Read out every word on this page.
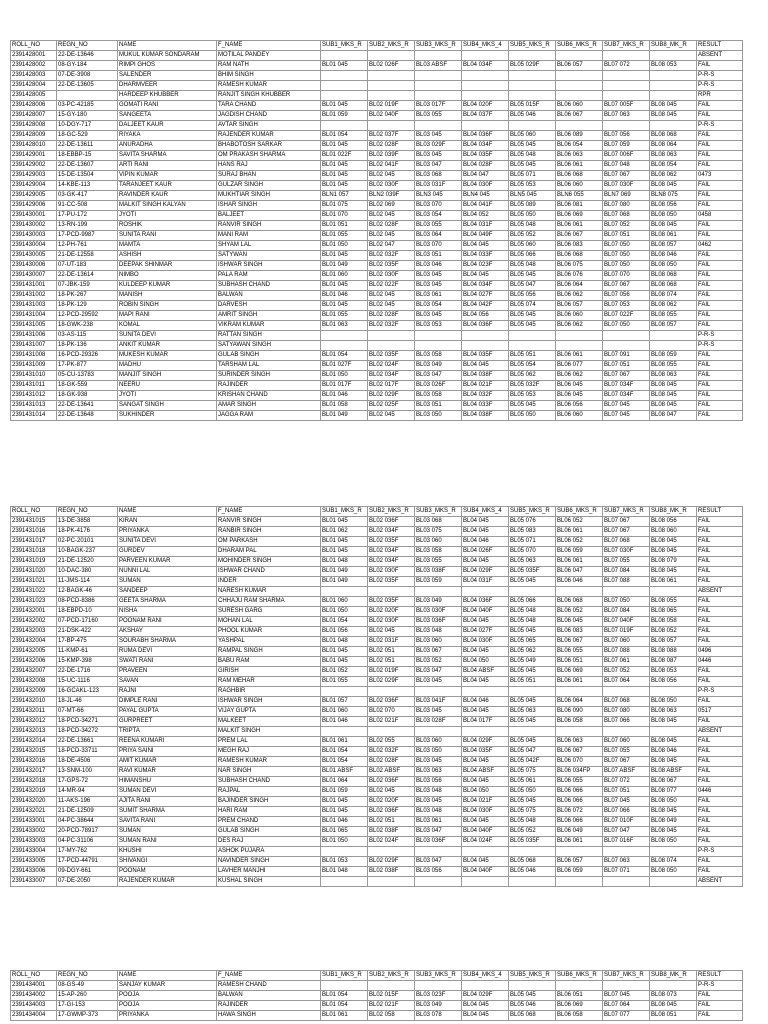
ROLL_NO	REGN_NO	NAME	F_NAME	SUB1_MKS_R	SUB2_MKS_R	SUB3_MKS_R	SUB4_MKS_4	SUB5_MKS_R	SUB6_MKS_R	SUB7_MKS_R	SUB8_MK_R	RESULT
2391428001	22-DE-13646	MUKUL KUMAR SONDARAM	MOTILAL PANDEY									ABSENT
2391428002	08-GY-184	RIMPI GHOS	RAM NATH	BL01 045	BL02 026F	BL03 ABSF	BL04 034F	BL05 029F	BL06 057	BL07 072	BL08 053	FAIL
2391428003	07-DE-3908	SALENDER	BHIM SINGH									P-R-S
2391428004	22-DE-13605	DHARMVEER	RAMESH KUMAR									P-R-S
2391428005		HARDEEP KHUBBER	RANJIT SINGH KHUBBER									RPR
2391428006	03-PC-42185	GOMATI RANI	TARA CHAND	BL01 045	BL02 019F	BL03 017F	BL04 020F	BL05 015F	BL06 060	BL07 005F	BL08 045	FAIL
2391428007	15-GY-180	SANGEETA	JAGDISH CHAND	BL01 059	BL02 040F	BL03 055	BL04 037F	BL05 046	BL06 067	BL07 063	BL08 045	FAIL
2391428008	10-DGY-717	DALJEET KAUR	AVTAR SINGH									P-R-S
2391428009	18-GC-529	RIYAKA	RAJENDER KUMAR	BL01 054	BL02 037F	BL03 045	BL04 036F	BL05 060	BL06 089	BL07 056	BL08 068	FAIL
2391428010	22-DE-13611	ANURADHA	BHABOTOSH SARKAR	BL01 045	BL02 028F	BL03 029F	BL04 034F	BL05 045	BL06 054	BL07 059	BL08 064	FAIL
2391429001	18-EBBP-15	SAVITA SHARMA	OM PRAKASH SHARMA	BL01 022F	BL02 039F	BL03 045	BL04 035F	BL05 048	BL06 063	BL07 006F	BL08 063	FAIL
2391429002	22-DE-13607	ARTI RANI	HANS RAJ	BL01 045	BL02 041F	BL03 047	BL04 028F	BL05 045	BL06 061	BL07 048	BL08 054	FAIL
2391429003	15-DE-13504	VIPIN KUMAR	SURAJ BHAN	BL01 045	BL02 045	BL03 068	BL04 047	BL05 071	BL06 068	BL07 067	BL08 062	0473
2391429004	14-KBE-113	TARANJEET KAUR	GULZAR SINGH	BL01 045	BL02 030F	BL03 031F	BL04 030F	BL05 053	BL06 060	BL07 030F	BL08 045	FAIL
2391429005	03-GK-417	RAVINDER KAUR	MUKHTIAR SINGH	BLN1 057	BLN2 039F	BLN3 045	BLN4 045	BLN5 045	BLN6 055	BLN7 069	BLN8 075	FAIL
2391429006	91-CC-508	MALKIT SINGH KALYAN	ISHAR SINGH	BL01 075	BL02 069	BL03 070	BL04 041F	BL05 089	BL06 081	BL07 080	BL08 056	FAIL
2391430001	17-PU-172	JYOTI	BALJEET	BL01 070	BL02 045	BL03 054	BL04 052	BL05 050	BL06 069	BL07 068	BL08 050	0458
2391430002	13-RN-199	ROSHIK	RANVIR SINGH	BL01 051	BL02 028F	BL03 055	BL04 031F	BL05 048	BL06 061	BL07 052	BL08 045	FAIL
2391430003	17-PCD-9987	SUNITA RANI	MANI RAM	BL01 055	BL02 045	BL03 064	BL04 049F	BL05 052	BL06 067	BL07 051	BL08 061	FAIL
2391430004	12-PH-761	MAMTA	SHYAM LAL	BL01 050	BL02 047	BL03 070	BL04 045	BL05 060	BL06 083	BL07 050	BL08 057	0462
2391430005	21-DE-12558	ASHISH	SATYWAN	BL01 045	BL02 032F	BL03 051	BL04 033F	BL05 066	BL06 068	BL07 050	BL08 046	FAIL
2391430006	07-UT-183	DEEPAK SHINMAR	ISHWAR SINGH	BL01 049	BL02 035F	BL03 046	BL04 023F	BL05 048	BL06 075	BL07 050	BL08 050	FAIL
2391430007	22-DE-13614	NIMBO	PALA RAM	BL01 060	BL02 030F	BL03 045	BL04 045	BL05 045	BL06 076	BL07 070	BL08 068	FAIL
2391431001	07-JBK-159	KULDEEP KUMAR	SUBHASH CHAND	BL01 045	BL02 022F	BL03 045	BL04 034F	BL05 047	BL06 064	BL07 067	BL08 068	FAIL
2391431002	18-PK-267	MANISH	BALWAN	BL01 046	BL02 045	BL03 061	BL04 027F	BL05 056	BL06 062	BL07 056	BL08 074	FAIL
2391431003	18-PK-129	ROBIN SINGH	DARVESH	BL01 045	BL02 045	BL03 054	BL04 042F	BL05 074	BL06 057	BL07 053	BL08 062	FAIL
2391431004	12-PCD-29592	MAPI RANI	AMRIT SINGH	BL01 055	BL02 028F	BL03 045	BL04 056	BL05 045	BL06 060	BL07 022F	BL08 055	FAIL
2391431005	18-GWK-238	KOMAL	VIKRAM KUMAR	BL01 063	BL02 032F	BL03 053	BL04 036F	BL05 045	BL06 062	BL07 050	BL08 057	FAIL
2391431006	03-AS-115	SUNITA DEVI	RATTAN SINGH									P-R-S
2391431007	18-PK-136	ANKIT KUMAR	SATYAWAN SINGH									P-R-S
2391431008	16-PCD-29326	MUKESH KUMAR	GULAB SINGH	BL01 054	BL02 035F	BL03 058	BL04 035F	BL05 051	BL06 061	BL07 091	BL08 059	FAIL
2391431009	17-PK-877	MADHU	TARSHAM LAL	BL01 027F	BL02 024F	BL03 049	BL04 045	BL05 054	BL06 077	BL07 051	BL08 055	FAIL
2391431010	05-CU-13783	MANJIT SINGH	SURINDER SINGH	BL01 050	BL02 034F	BL03 047	BL04 038F	BL05 062	BL06 062	BL07 067	BL08 063	FAIL
2391431011	18-GK-559	NEERU	RAJINDER	BL01 017F	BL02 017F	BL03 026F	BL04 021F	BL05 032F	BL06 045	BL07 034F	BL08 045	FAIL
2391431012	18-GK-938	JYOTI	KRISHAN CHAND	BL01 046	BL02 029F	BL03 058	BL04 032F	BL05 053	BL06 045	BL07 034F	BL08 045	FAIL
2391431013	22-DE-13641	SANGAT SINGH	AMAR SINGH	BL01 058	BL02 025F	BL03 051	BL04 033F	BL05 045	BL06 056	BL07 045	BL08 045	FAIL
2391431014	22-DE-13648	SUKHINDER	JAGGA RAM	BL01 049	BL02 045	BL03 050	BL04 038F	BL05 050	BL06 060	BL07 045	BL08 047	FAIL
ROLL_NO	REGN_NO	NAME	F_NAME	SUB1_MKS_R	SUB2_MKS_R	SUB3_MKS_R	SUB4_MKS_4	SUB5_MKS_R	SUB6_MKS_R	SUB7_MKS_R	SUB8_MK_R	RESULT
2391431015	13-DE-3858	KIRAN	RANVIR SINGH	BL01 045	BL02 036F	BL03 068	BL04 045	BL05 076	BL06 052	BL07 067	BL08 056	FAIL
2391431016	18-PK-4176	PRIYANKA	RANBIR SINGH	BL01 062	BL02 034F	BL03 075	BL04 045	BL05 083	BL06 061	BL07 067	BL08 060	FAIL
2391431017	02-PC-20101	SUNITA DEVI	OM PARKASH	BL01 045	BL02 035F	BL03 060	BL04 046	BL05 071	BL06 052	BL07 068	BL08 045	FAIL
2391431018	10-BAGK-237	GURDEV	DHARAM PAL	BL01 045	BL02 034F	BL03 058	BL04 026F	BL05 070	BL06 059	BL07 030F	BL08 045	FAIL
2391431019	21-DE-12520	PARVEEN KUMAR	MOHINDER SINGH	BL01 048	BL02 034F	BL03 055	BL04 045	BL05 063	BL06 061	BL07 055	BL08 079	FAIL
2391431020	10-DAC-380	NUNNI LAL	ISHWAR CHAND	BL01 049	BL02 030F	BL03 038F	BL04 029F	BL05 035F	BL06 047	BL07 084	BL08 045	FAIL
2391431021	11-JMS-114	SUMAN	INDER	BL01 049	BL02 035F	BL03 059	BL04 031F	BL05 045	BL06 046	BL07 088	BL08 061	FAIL
2391431022	12-BAGK-46	SANDEEP	NARESH KUMAR									ABSENT
2391431023	08-PCD-8386	GEETA SHARMA	CHHAJU RAM SHARMA	BL01 060	BL02 035F	BL03 049	BL04 036F	BL05 066	BL06 068	BL07 050	BL08 055	FAIL
2391432001	18-EBPD-10	NISHA	SURESH GARG	BL01 050	BL02 020F	BL03 030F	BL04 040F	BL05 048	BL06 052	BL07 084	BL08 065	FAIL
2391432002	07-PCD-17160	POONAM RANI	MOHAN LAL	BL01 054	BL02 030F	BL03 036F	BL04 045	BL05 048	BL06 045	BL07 040F	BL08 058	FAIL
2391432003	21-DSK-422	AKSHAY	PHOOL KUMAR	BL01 056	BL02 045	BL03 048	BL04 027F	BL05 045	BL06 083	BL07 019F	BL08 052	FAIL
2391432004	17-BP-475	SOURABH SHARMA	YASHPAL	BL01 048	BL02 031F	BL03 060	BL04 030F	BL05 065	BL06 067	BL07 060	BL08 057	FAIL
2391432005	11-KMP-61	RUMA DEVI	RAMPAL SINGH	BL01 045	BL02 051	BL03 067	BL04 045	BL05 062	BL06 055	BL07 088	BL08 088	0496
2391432006	15-KMP-398	SWATI RANI	BABU RAM	BL01 045	BL02 051	BL03 052	BL04 050	BL05 049	BL06 051	BL07 061	BL08 087	0446
2391432007	22-DE-1716	PRAVEEN	GIRISH	BL01 052	BL02 019F	BL03 047	BL04 ABSF	BL05 045	BL06 069	BL07 052	BL08 053	FAIL
2391432008	15-UC-1116	SAVAN	RAM MEHAR	BL01 055	BL02 029F	BL03 045	BL04 045	BL05 051	BL06 061	BL07 064	BL08 056	FAIL
2391432009	16-GCAKL-123	RAJNI	RAGHBIR									P-R-S
2391432010	18-JL-46	DIMPLE RANI	ISHWAR SINGH	BL01 057	BL02 036F	BL03 041F	BL04 046	BL05 045	BL06 064	BL07 068	BL08 050	FAIL
2391432011	07-MT-66	PAYAL GUPTA	VIJAY GUPTA	BL01 060	BL02 070	BL03 045	BL04 045	BL05 063	BL06 090	BL07 080	BL08 063	0517
2391432012	18-PCD-34271	GURPREET	MALKEET	BL01 046	BL02 021F	BL03 028F	BL04 017F	BL05 045	BL06 058	BL07 066	BL08 045	FAIL
2391432013	18-PCD-34272	TRIPTA	MALKIT SINGH									ABSENT
2391432014	22-DE-13661	REENA KUMARI	PREM LAL	BL01 061	BL02 055	BL03 060	BL04 029F	BL05 045	BL06 063	BL07 060	BL08 045	FAIL
2391432015	18-PCD-33711	PRIYA SAINI	MEGH RAJ	BL01 054	BL02 032F	BL03 050	BL04 035F	BL05 047	BL06 067	BL07 055	BL08 046	FAIL
2391432016	18-DE-4506	AMIT KUMAR	RAMESH KUMAR	BL01 054	BL02 028F	BL03 045	BL04 045	BL05 042F	BL06 070	BL07 067	BL08 045	FAIL
2391432017	13-SNM-100	RAVI KUMAR	NAR SINGH	BL01 ABSF	BL02 ABSF	BL03 063	BL04 ABSF	BL05 075	BL06 034FP	BL07 ABSF	BL08 ABSF	FAIL
2391432018	17-GPS-72	HIMANSHU	SUBHASH CHAND	BL01 064	BL02 036F	BL03 056	BL04 045	BL05 061	BL06 055	BL07 072	BL08 067	FAIL
2391432019	14-MR-94	SUMAN DEVI	RAJPAL	BL01 059	BL02 045	BL03 048	BL04 050	BL05 050	BL06 066	BL07 051	BL08 077	0446
2391432020	11-AKS-196	AJITA RANI	BAJINDER SINGH	BL01 045	BL02 020F	BL03 045	BL04 021F	BL05 045	BL06 066	BL07 045	BL08 050	FAIL
2391432021	21-DE-12509	SUMIT SHARMA	HARI RAM	BL01 045	BL02 036F	BL03 048	BL04 030F	BL05 075	BL06 072	BL07 066	BL08 045	FAIL
2391433001	04-PC-38644	SAVITA RANI	PREM CHAND	BL01 046	BL02 051	BL03 061	BL04 045	BL05 048	BL06 066	BL07 010F	BL08 049	FAIL
2391433002	20-PCD-78917	SUMAN	GULAB SINGH	BL01 065	BL02 038F	BL03 047	BL04 040F	BL05 052	BL06 049	BL07 047	BL08 045	FAIL
2391433003	04-PC-31106	SUMAN RANI	DES RAJ	BL01 050	BL02 024F	BL03 036F	BL04 024F	BL05 035F	BL06 061	BL07 016F	BL08 050	FAIL
2391433004	17-MY-762	KHUSHI	ASHOK PUJARA									P-R-S
2391433005	17-PCD-44791	SHIVANGI	NAVINDER SINGH	BL01 053	BL02 029F	BL03 047	BL04 045	BL05 068	BL06 057	BL07 063	BL08 074	FAIL
2391433006	09-DGY-661	POONAM	LAVHER MANJHI	BL01 048	BL02 038F	BL03 056	BL04 040F	BL05 046	BL06 059	BL07 071	BL08 050	FAIL
2391433007	07-DE-2050	RAJENDER KUMAR	KUSHAL SINGH									ABSENT
ROLL_NO	REGN_NO	NAME	F_NAME	SUB1_MKS_R	SUB2_MKS_R	SUB3_MKS_R	SUB4_MKS_4	SUB5_MKS_R	SUB6_MKS_R	SUB7_MKS_R	SUB8_MK_R	RESULT
2391434001	08-GS-49	SANJAY KUMAR	RAMESH CHAND									P-R-S
2391434002	15-AP-260	POOJA	BALWAN	BL01 054	BL02 015F	BL03 023F	BL04 029F	BL05 045	BL06 051	BL07 045	BL08 073	FAIL
2391434003	17-GI-153	POOJA	RAJINDER	BL01 054	BL02 021F	BL03 049	BL04 045	BL05 046	BL06 069	BL07 064	BL08 045	FAIL
2391434004	17-GWMP-373	PRIYANKA	HAWA SINGH	BL01 061	BL02 058	BL03 078	BL04 045	BL05 068	BL06 058	BL07 077	BL08 051	FAIL
